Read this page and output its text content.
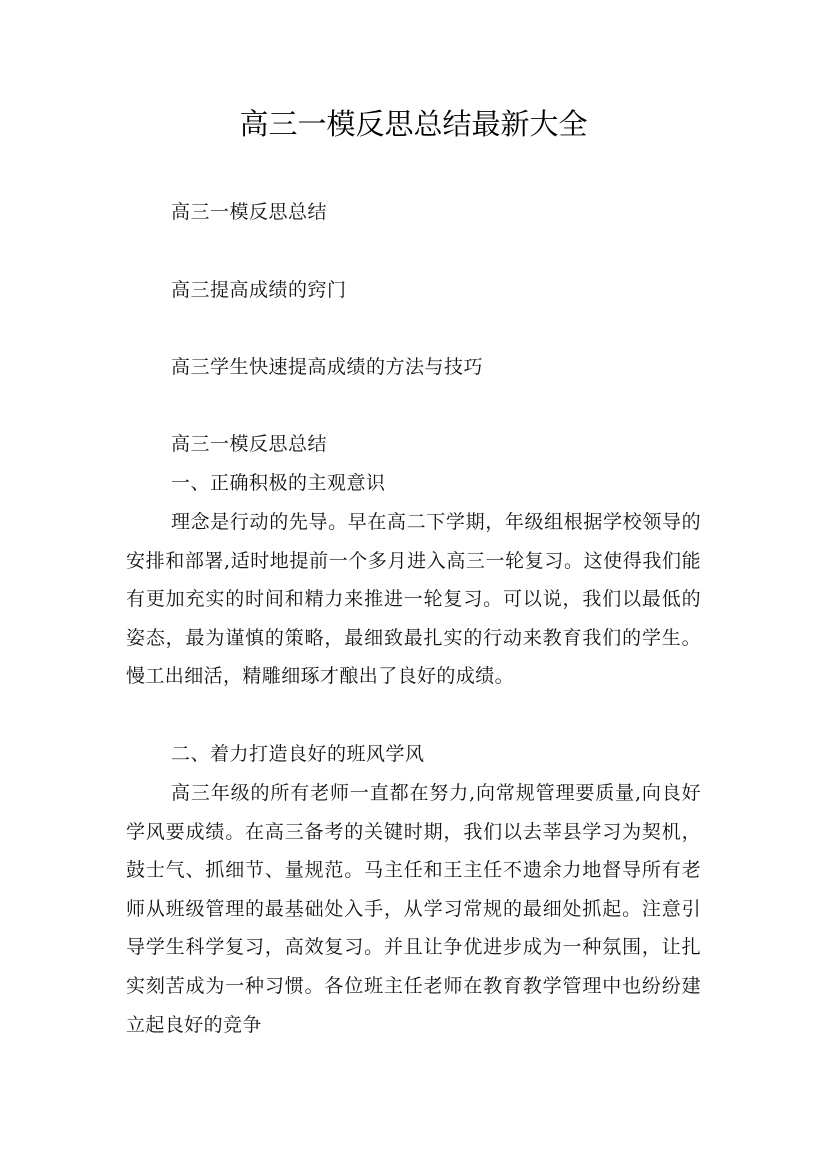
高三一模反思总结最新大全

高三一模反思总结

高三提高成绩的窍门

高三学生快速提高成绩的方法与技巧

高三一模反思总结

一、正确积极的主观意识

理念是行动的先导。早在高二下学期，年级组根据学校领导的安排和部署,适时地提前一个多月进入高三一轮复习。这使得我们能有更加充实的时间和精力来推进一轮复习。可以说，我们以最低的姿态，最为谨慎的策略，最细致最扎实的行动来教育我们的学生。慢工出细活，精雕细琢才酿出了良好的成绩。

二、着力打造良好的班风学风

高三年级的所有老师一直都在努力,向常规管理要质量,向良好学风要成绩。在高三备考的关键时期，我们以去莘县学习为契机，鼓士气、抓细节、量规范。马主任和王主任不遗余力地督导所有老师从班级管理的最基础处入手，从学习常规的最细处抓起。注意引导学生科学复习，高效复习。并且让争优进步成为一种氛围，让扎实刻苦成为一种习惯。各位班主任老师在教育教学管理中也纷纷建立起良好的竞争
